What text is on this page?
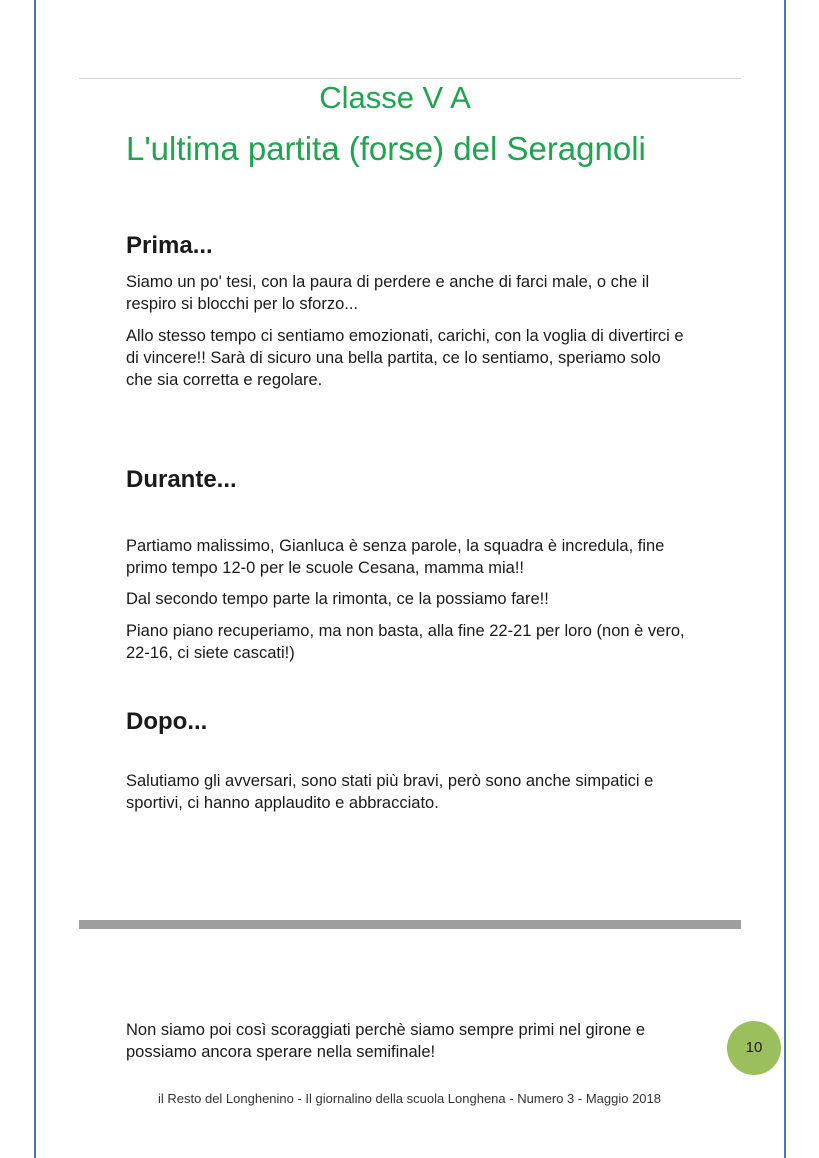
Classe V A
L'ultima partita (forse) del Seragnoli
Prima...
Siamo un po' tesi, con la paura di perdere e anche di farci male, o che il respiro si blocchi per lo sforzo...
Allo stesso tempo ci sentiamo emozionati, carichi, con la voglia di divertirci e di vincere!! Sarà di sicuro una bella partita, ce lo sentiamo, speriamo solo che sia corretta e regolare.
Durante...
Partiamo malissimo, Gianluca è senza parole, la squadra è incredula, fine primo tempo 12-0 per le scuole Cesana, mamma mia!!
Dal secondo tempo parte la rimonta, ce la possiamo fare!!
Piano piano recuperiamo, ma non basta, alla fine 22-21 per loro (non è vero, 22-16, ci siete cascati!)
Dopo...
Salutiamo gli avversari, sono stati più bravi, però sono anche simpatici e sportivi, ci hanno applaudito e abbracciato.
Non siamo poi così scoraggiati perchè siamo sempre primi nel girone e possiamo ancora sperare nella semifinale!	10
il Resto del Longhenino - Il giornalino della scuola Longhena - Numero 3 - Maggio 2018
